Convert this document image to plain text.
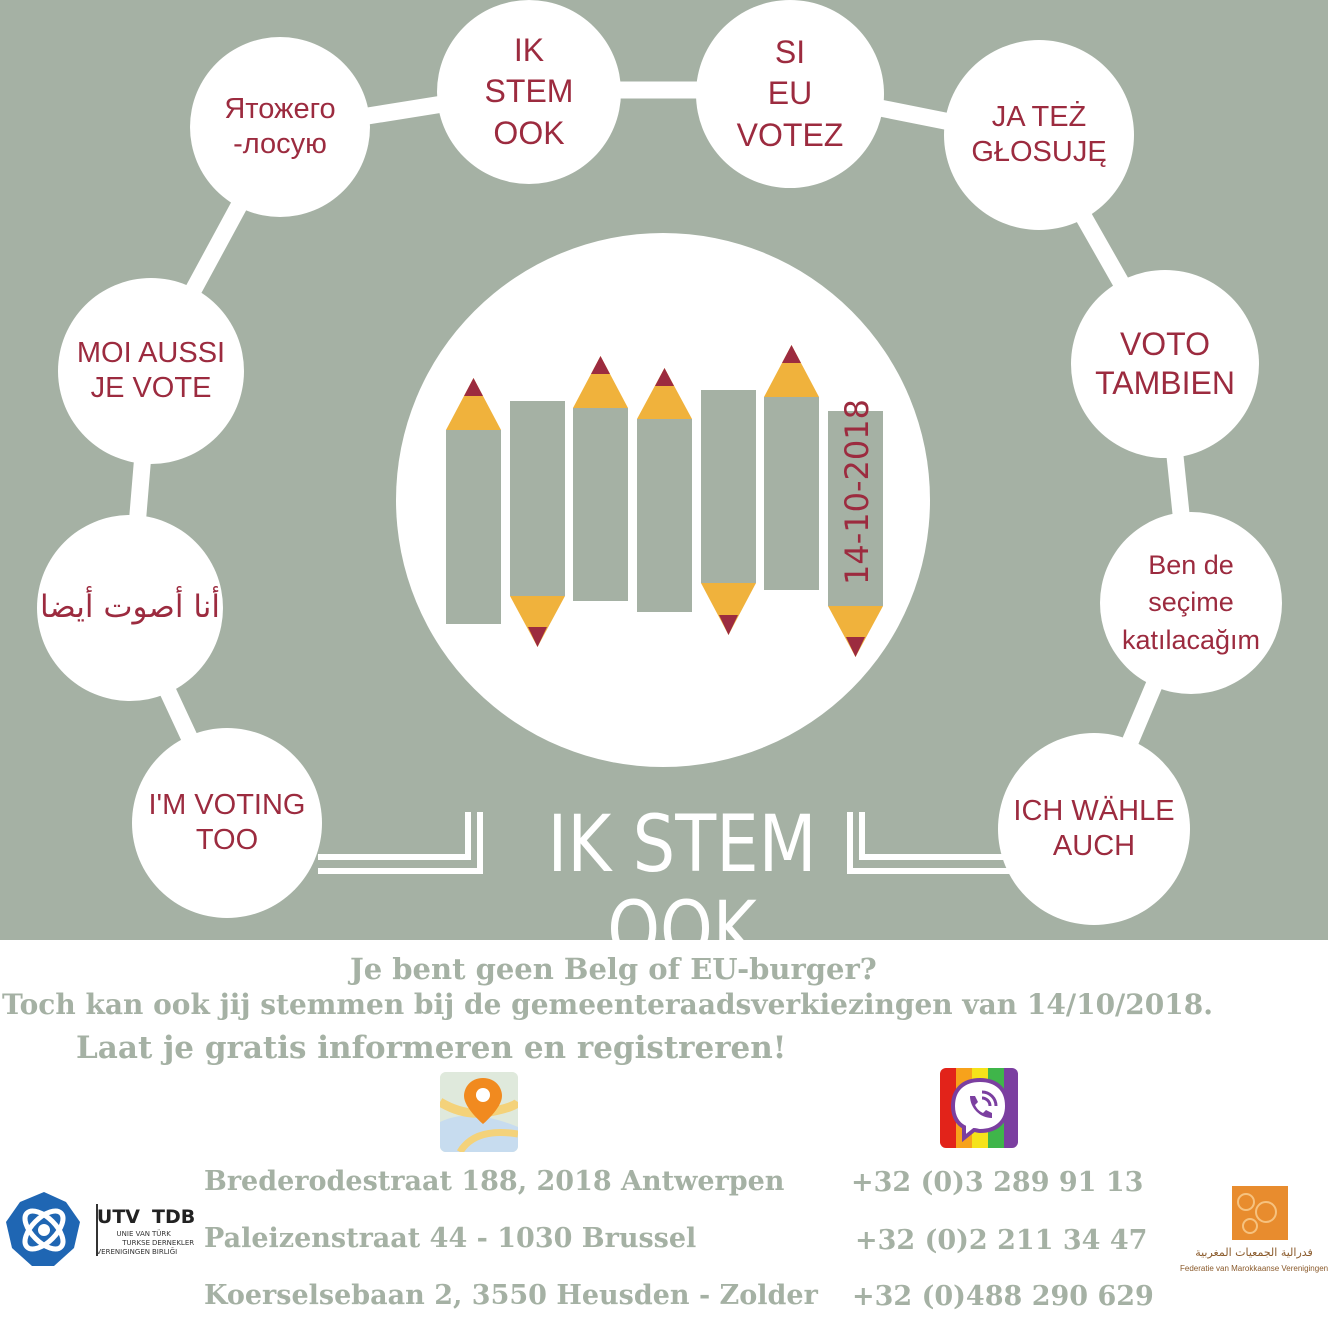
14-10-2018
Ятожего
-лосую
IK
STEM
OOK
SI
EU
VOTEZ
JA TEŻ
GŁOSUJĘ
MOI AUSSI
JE VOTE
VOTO
TAMBIEN
أنا أصوت أيضا
Ben de
seçime
katılacağım
I'M VOTING
TOO
ICH WÄHLE
AUCH
IK STEM OOK
Je bent geen Belg of EU-burger?
Toch kan ook jij stemmen bij de gemeenteraadsverkiezingen van 14/10/2018.
Laat je gratis informeren en registreren!
Brederodestraat 188, 2018 Antwerpen +32 (0)3 289 91 13
Paleizenstraat 44 - 1030 Brussel	+32 (0)2 211 34 47
Koerselsebaan 2, 3550 Heusden - Zolder +32 (0)488 290 629
UTV TDB
UNIE VAN
TURKSE
VERENIGINGEN
TÜRK
DERNEKLER
BIRLIĞI	فدرالية الجمعيات المغربية
Federatie van Marokkaanse Verenigingen
